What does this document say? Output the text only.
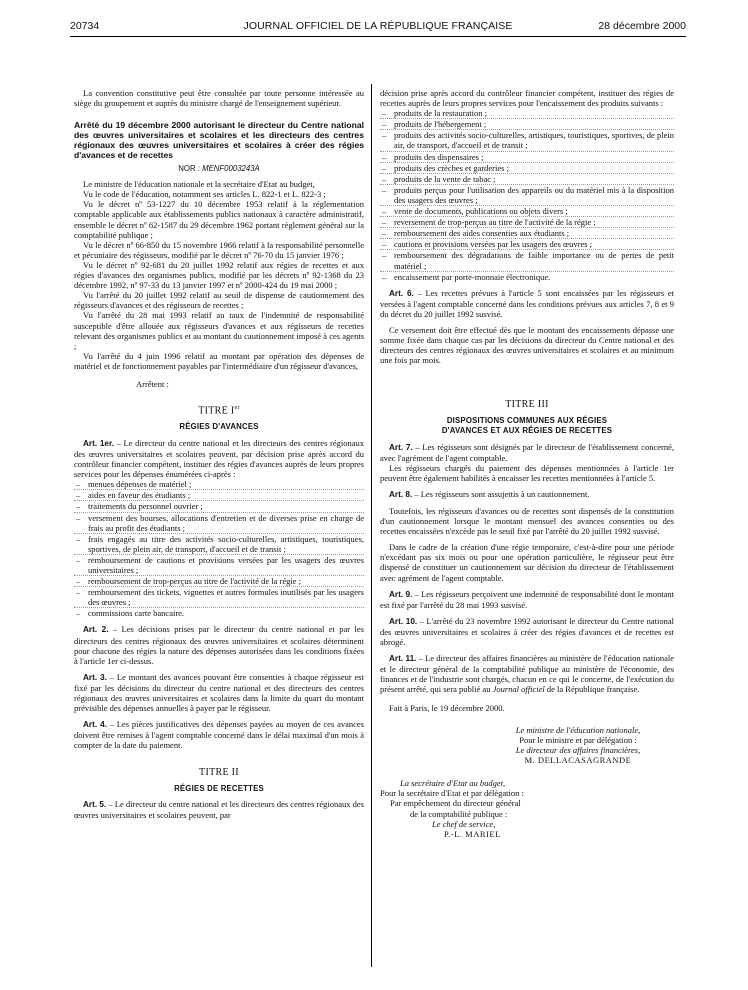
20734	JOURNAL OFFICIEL DE LA RÉPUBLIQUE FRANÇAISE	28 décembre 2000

La convention constitutive peut être consultée par toute personne intéressée au siège du groupement et auprès du ministre chargé de l'enseignement supérieur.

Arrêté du 19 décembre 2000 autorisant le directeur du Centre national des œuvres universitaires et scolaires et les directeurs des centres régionaux des œuvres universitaires et scolaires à créer des régies d'avances et de recettes
NOR : MENF0003243A

Le ministre de l'éducation nationale et la secrétaire d'Etat au budget,

Vu le code de l'éducation, notamment ses articles L. 822-1 et L. 822-3 ;

Vu le décret nº 53-1227 du 10 décembre 1953 relatif à la réglementation comptable applicable aux établissements publics nationaux à caractère administratif, ensemble le décret nº 62-1587 du 29 décembre 1962 portant règlement général sur la comptabilité publique ;

Vu le décret nº 66-850 du 15 novembre 1966 relatif à la responsabilité personnelle et pécuniaire des régisseurs, modifié par le décret nº 76-70 du 15 janvier 1976 ;

Vu le décret nº 92-681 du 20 juillet 1992 relatif aux régies de recettes et aux régies d'avances des organismes publics, modifié par les décrets nº 92-1368 du 23 décembre 1992, nº 97-33 du 13 janvier 1997 et nº 2000-424 du 19 mai 2000 ;

Vu l'arrêté du 20 juillet 1992 relatif au seuil de dispense de cautionnement des régisseurs d'avances et des régisseurs de recettes ;

Vu l'arrêté du 28 mai 1993 relatif au taux de l'indemnité de responsabilité susceptible d'être allouée aux régisseurs d'avances et aux régisseurs de recettes relevant des organismes publics et au montant du cautionnement imposé à ces agents ;

Vu l'arrêté du 4 juin 1996 relatif au montant par opération des dépenses de matériel et de fonctionnement payables par l'intermédiaire d'un régisseur d'avances,

Arrêtent :
TITRE Ier
RÉGIES D'AVANCES

Art. 1er. – Le directeur du centre national et les directeurs des centres régionaux des œuvres universitaires et scolaires peuvent, par décision prise après accord du contrôleur financier compétent, instituer des régies d'avances auprès de leurs propres services pour les dépenses énumérées ci-après :

– menues dépenses de matériel ;
– aides en faveur des étudiants ;
– traitements du personnel ouvrier ;
– versement des bourses, allocations d'entretien et de diverses prise en charge de frais au profit des étudiants ;
– frais engagés au titre des activités socio-culturelles, artistiques, touristiques, sportives, de plein air, de transport, d'accueil et de transit ;
– remboursement de cautions et provisions versées par les usagers des œuvres universitaires ;
– remboursement de trop-perçus au titre de l'activité de la régie ;
– remboursement des tickets, vignettes et autres formules inutilisés par les usagers des œuvres ;
– commissions carte bancaire.

Art. 2. – Les décisions prises par le directeur du centre national et par les directeurs des centres régionaux des œuvres universitaires et scolaires déterminent pour chacune des régies la nature des dépenses autorisées dans les conditions fixées à l'article 1er ci-dessus.

Art. 3. – Le montant des avances pouvant être consenties à chaque régisseur est fixé par les décisions du directeur du centre national et des directeurs des centres régionaux des œuvres universitaires et scolaires dans la limite du quart du montant prévisible des dépenses annuelles à payer par le régisseur.

Art. 4. – Les pièces justificatives des dépenses payées au moyen de ces avances doivent être remises à l'agent comptable concerné dans le délai maximal d'un mois à compter de la date du paiement.

TITRE II
RÉGIES DE RECETTES

Art. 5. – Le directeur du centre national et les directeurs des centres régionaux des œuvres universitaires et scolaires peuvent, par

décision prise après accord du contrôleur financier compétent, instituer des régies de recettes auprès de leurs propres services pour l'encaissement des produits suivants :

– produits de la restauration ;
– produits de l'hébergement ;
– produits des activités socio-culturelles, artistiques, touristiques, sportives, de plein air, de transport, d'accueil et de transit ;
– produits des dispensaires ;
– produits des crèches et garderies ;
– produits de la vente de tabac ;
– produits perçus pour l'utilisation des appareils ou du matériel mis à la disposition des usagers des œuvres ;
– vente de documents, publications ou objets divers ;
– reversement de trop-perçus au titre de l'activité de la régie ;
– remboursement des aides consenties aux étudiants ;
– cautions et provisions versées par les usagers des œuvres ;
– remboursement des dégradations de faible importance ou de pertes de petit matériel ;
– encaissement par porte-monnaie électronique.

Art. 6. – Les recettes prévues à l'article 5 sont encaissées par les régisseurs et versées à l'agent comptable concerné dans les conditions prévues aux articles 7, 8 et 9 du décret du 20 juillet 1992 susvisé.

Ce versement doit être effectué dès que le montant des encaissements dépasse une somme fixée dans chaque cas par les décisions du directeur du Centre national et des directeurs des centres régionaux des œuvres universitaires et scolaires et au minimum une fois par mois.

TITRE III
DISPOSITIONS COMMUNES AUX RÉGIES
D'AVANCES ET AUX RÉGIES DE RECETTES

Art. 7. – Les régisseurs sont désignés par le directeur de l'établissement concerné, avec l'agrément de l'agent comptable.

Les régisseurs chargés du paiement des dépenses mentionnées à l'article 1er peuvent être également habilités à encaisser les recettes mentionnées à l'article 5.

Art. 8. – Les régisseurs sont assujettis à un cautionnement.

Toutefois, les régisseurs d'avances ou de recettes sont dispensés de la constitution d'un cautionnement lorsque le montant mensuel des avances consenties ou des recettes encaissées n'excède pas le seuil fixé par l'arrêté du 20 juillet 1992 susvisé.

Dans le cadre de la création d'une régie temporaire, c'est-à-dire pour une période n'excédant pas six mois ou pour une opération particulière, le régisseur peut être dispensé de constituer un cautionnement sur décision du directeur de l'établissement avec agrément de l'agent comptable.

Art. 9. – Les régisseurs perçoivent une indemnité de responsabilité dont le montant est fixé par l'arrêté du 28 mai 1993 susvisé.

Art. 10. – L'arrêté du 23 novembre 1992 autorisant le directeur du Centre national des œuvres universitaires et scolaires à créer des régies d'avances et de recettes est abrogé.

Art. 11. – Le directeur des affaires financières au ministère de l'éducation nationale et le directeur général de la comptabilité publique au ministère de l'économie, des finances et de l'industrie sont chargés, chacun en ce qui le concerne, de l'exécution du présent arrêté, qui sera publié au Journal officiel de la République française.

Fait à Paris, le 19 décembre 2000.
Le ministre de l'éducation nationale,
Pour le ministre et par délégation :
Le directeur des affaires financières,
M. DELLACASAGRANDE
La secrétaire d'Etat au budget,
Pour la secrétaire d'Etat et par délégation :
Par empêchement du directeur général
de la comptabilité publique :
Le chef de service,
P.-L. MARIEL
